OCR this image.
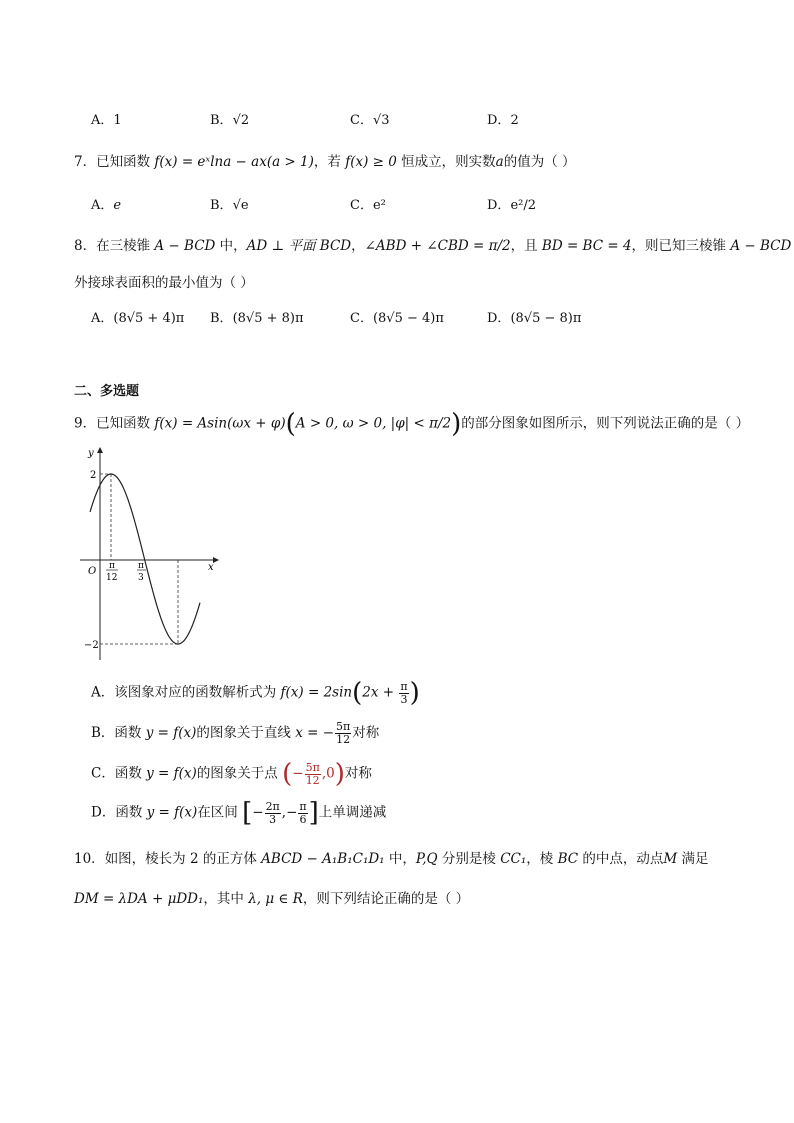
A．1	B．√2	C．√3	D．2
7．已知函数 f(x) = eˣlna − ax(a > 1)，若 f(x) ≥ 0 恒成立，则实数a的值为（ ）
A．e	B．√e	C．e²	D．e²/2
8．在三棱锥 A − BCD 中，AD ⊥ 平面 BCD，∠ABD + ∠CBD = π/2，且 BD = BC = 4，则已知三棱锥 A − BCD
外接球表面积的最小值为（ ）
A．(8√5 + 4)π B．(8√5 + 8)π	C．(8√5 − 4)π	D．(8√5 − 8)π
二、多选题
9．已知函数 f(x) = Asin(ωx + φ)(A > 0, ω > 0, |φ| < π/2)的部分图象如图所示，则下列说法正确的是（ ）
y
x
O
2
−2
π
12
π
3
A．该图象对应的函数解析式为 $f(x) = 2\sin(2x + \frac{\pi}{3}$ )
B．函数 y = f(x)的图象关于直线 x = − $\frac{5\pi}{12}$ 对称
C．函数 y = f(x)的图象关于点 (− $\frac{5\pi}{12} ,0$)对称
D．函数 y = f(x)在区间 [− $\frac{2\pi}{3}$ ,− $\frac{\pi}{6}$ ]上单调递减
10．如图，棱长为 2 的正方体 ABCD − A₁B₁C₁D₁ 中，P,Q 分别是棱 CC₁，棱 BC 的中点，动点M 满足
DM = λDA + μDD₁，其中 λ, μ ∈ R，则下列结论正确的是（ ）
